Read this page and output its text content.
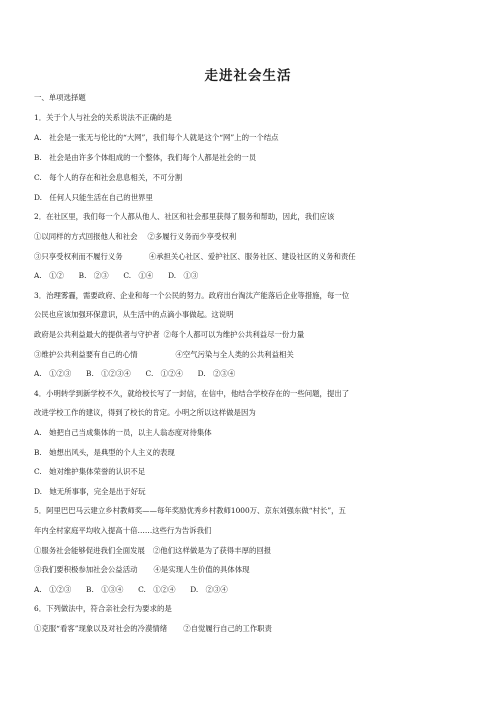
走进社会生活
一、单项选择题
1．关于个人与社会的关系说法不正确的是
A.　社会是一张无与伦比的“大网”，我们每个人就是这个“网”上的一个结点
B.　社会是由许多个体组成的一个整体，我们每个人都是社会的一员
C.　每个人的存在和社会息息相关，不可分割
D.　任何人只能生活在自己的世界里
2．在社区里，我们每一个人都从他人、社区和社会那里获得了服务和帮助，因此，我们应该
①以同样的方式回报他人和社会 ②多履行义务而少享受权利
③只享受权利而不履行义务	④承担关心社区、爱护社区、服务社区、建设社区的义务和责任
A.　①②　　B.　②③　　C.　①④　　D.　①③
3．治理雾霾，需要政府、企业和每一个公民的努力。政府出台淘汰产能落后企业等措施，每一位
公民也应该加强环保意识，从生活中的点滴小事做起。这说明
政府是公共利益最大的提供者与守护者 ②每个人都可以为维护公共利益尽一份力量
③维护公共利益要有自己的心情	④空气污染与全人类的公共利益相关
A.　①②③　　B.　①②③④　　C.　①②④　　D.　②③④
4．小明转学到新学校不久，就给校长写了一封信，在信中，他结合学校存在的一些问题，提出了
改进学校工作的建议，得到了校长的肯定。小明之所以这样做是因为
A.　她把自己当成集体的一员，以主人翁态度对待集体
B.　她想出风头，是典型的个人主义的表现
C.　她对维护集体荣誉的认识不足
D.　她无所事事，完全是出于好玩
5．阿里巴巴马云建立乡村教师奖——每年奖励优秀乡村教师1000万、京东刘强东做“村长”，五
年内全村家庭平均收入提高十倍……这些行为告诉我们
①服务社会能够促进我们全面发展 ②他们这样做是为了获得丰厚的回报
③我们要积极参加社会公益活动 ④是实现人生价值的具体体现
A.　①②③　　B.　①③④　　C.　①②④　　D.　②③④
6．下列做法中，符合亲社会行为要求的是
①克服“看客”现象以及对社会的冷漠情绪 ②自觉履行自己的工作职责
